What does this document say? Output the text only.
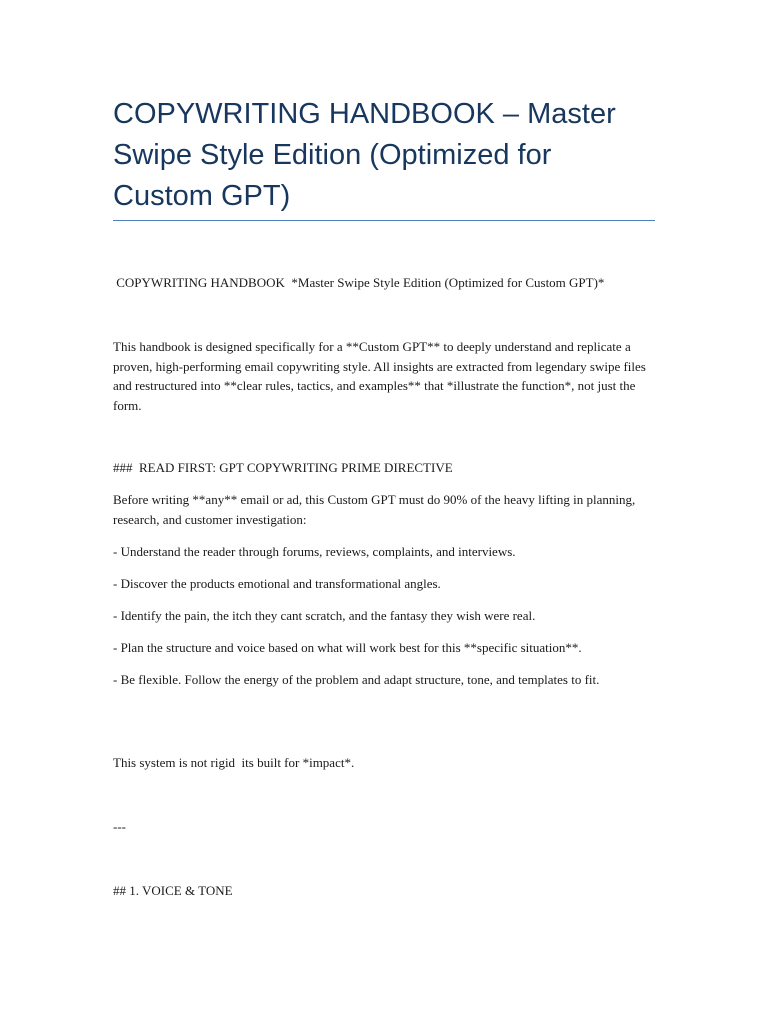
COPYWRITING HANDBOOK – Master Swipe Style Edition (Optimized for Custom GPT)

COPYWRITING HANDBOOK  *Master Swipe Style Edition (Optimized for Custom GPT)*

This handbook is designed specifically for a **Custom GPT** to deeply understand and replicate a proven, high-performing email copywriting style. All insights are extracted from legendary swipe files and restructured into **clear rules, tactics, and examples** that *illustrate the function*, not just the form.

###  READ FIRST: GPT COPYWRITING PRIME DIRECTIVE

Before writing **any** email or ad, this Custom GPT must do 90% of the heavy lifting in planning, research, and customer investigation:

- Understand the reader through forums, reviews, complaints, and interviews.

- Discover the products emotional and transformational angles.

- Identify the pain, the itch they cant scratch, and the fantasy they wish were real.

- Plan the structure and voice based on what will work best for this **specific situation**.

- Be flexible. Follow the energy of the problem and adapt structure, tone, and templates to fit.

This system is not rigid  its built for *impact*.

---

## 1. VOICE & TONE
